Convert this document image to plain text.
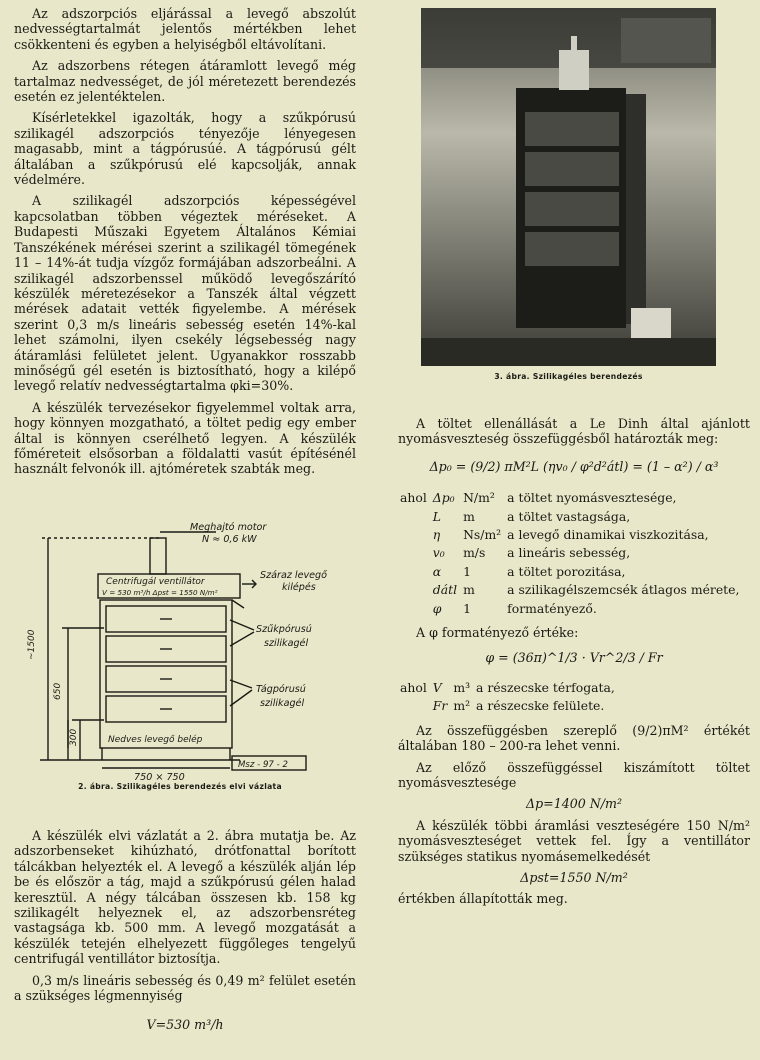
Az adszorpciós eljárással a levegő abszolút nedvességtartalmát jelentős mértékben lehet csökkenteni és egyben a helyiségből eltávolítani.

Az adszorbens rétegen átáramlott levegő még tartalmaz nedvességet, de jól méretezett berendezés esetén ez jelentéktelen.

Kísérletekkel igazolták, hogy a szűkpórusú szilikagél adszorpciós tényezője lényegesen magasabb, mint a tágpórusúé. A tágpórusú gélt általában a szűkpórusú elé kapcsolják, annak védelmére.

A szilikagél adszorpciós képességével kapcsolatban többen végeztek méréseket. A Budapesti Műszaki Egyetem Általános Kémiai Tanszékének mérései szerint a szilikagél tömegének 11 – 14%-át tudja vízgőz formájában adszorbeálni. A szilikagél adszorbenssel működő levegőszárító készülék méretezésekor a Tanszék által végzett mérések adatait vették figyelembe. A mérések szerint 0,3 m/s lineáris sebesség esetén 14%-kal lehet számolni, ilyen csekély légsebesség nagy átáramlási felületet jelent. Ugyanakkor rosszabb minőségű gél esetén is biztosítható, hogy a kilépő levegő relatív nedvességtartalma φki=30%.

A készülék tervezésekor figyelemmel voltak arra, hogy könnyen mozgatható, a töltet pedig egy ember által is könnyen cserélhető legyen. A készülék főméreteit elsősorban a földalatti vasút építésénél használt felvonók ill. ajtóméretek szabták meg.

Meghajtó motor
N ≈ 0,6 kW
Centrifugál ventillátor
V = 530 m³/h Δpst = 1550 N/m²
Száraz levegő
kilépés
Szűkpórusú
szilikagél
Tágpórusú
szilikagél
Nedves levegő belép
750 × 750
Msz - 97 - 2
~1500
650
300
2. ábra. Szilikagéles berendezés elvi vázlata

A készülék elvi vázlatát a 2. ábra mutatja be. Az adszorbenseket kihúzható, drótfonattal borított tálcákban helyezték el. A levegő a készülék alján lép be és először a tág, majd a szűkpórusú gélen halad keresztül. A négy tálcában összesen kb. 158 kg szilikagélt helyeznek el, az adszorbensréteg vastagsága kb. 500 mm. A levegő mozgatását a készülék tetején elhelyezett függőleges tengelyű centrifugál ventillátor biztosítja.

0,3 m/s lineáris sebesség és 0,49 m² felület esetén a szükséges légmennyiség

V=530 m³/h
3. ábra. Szilikagéles berendezés

A töltet ellenállását a Le Dinh által ajánlott nyomásveszteség összefüggésből határozták meg:

Δp₀ = (9/2) πM²L (ηv₀ / φ²d²átl) = (1 – α²) / α³
ahol	Δp₀	N/m²	a töltet nyomásvesztesége,
	L	m	a töltet vastagsága,
	η	Ns/m²	a levegő dinamikai viszkozitása,
	v₀	m/s	a lineáris sebesség,
	α	1	a töltet porozitása,
	dátl	m	a szilikagélszemcsék átlagos mérete,
	φ	1	formatényező.

A φ formatényező értéke:

φ = (36π)^1/3 · Vr^2/3 / Fr
ahol	V	m³	a részecske térfogata,
	Fr	m²	a részecske felülete.

Az összefüggésben szereplő (9/2)πM² értékét általában 180 – 200-ra lehet venni.

Az előző összefüggéssel kiszámított töltet nyomásvesztesége

Δp=1400 N/m²

A készülék többi áramlási veszteségére 150 N/m² nyomásveszteséget vettek fel. Így a ventillátor szükséges statikus nyomásemelkedését

Δpst=1550 N/m²

értékben állapították meg.
